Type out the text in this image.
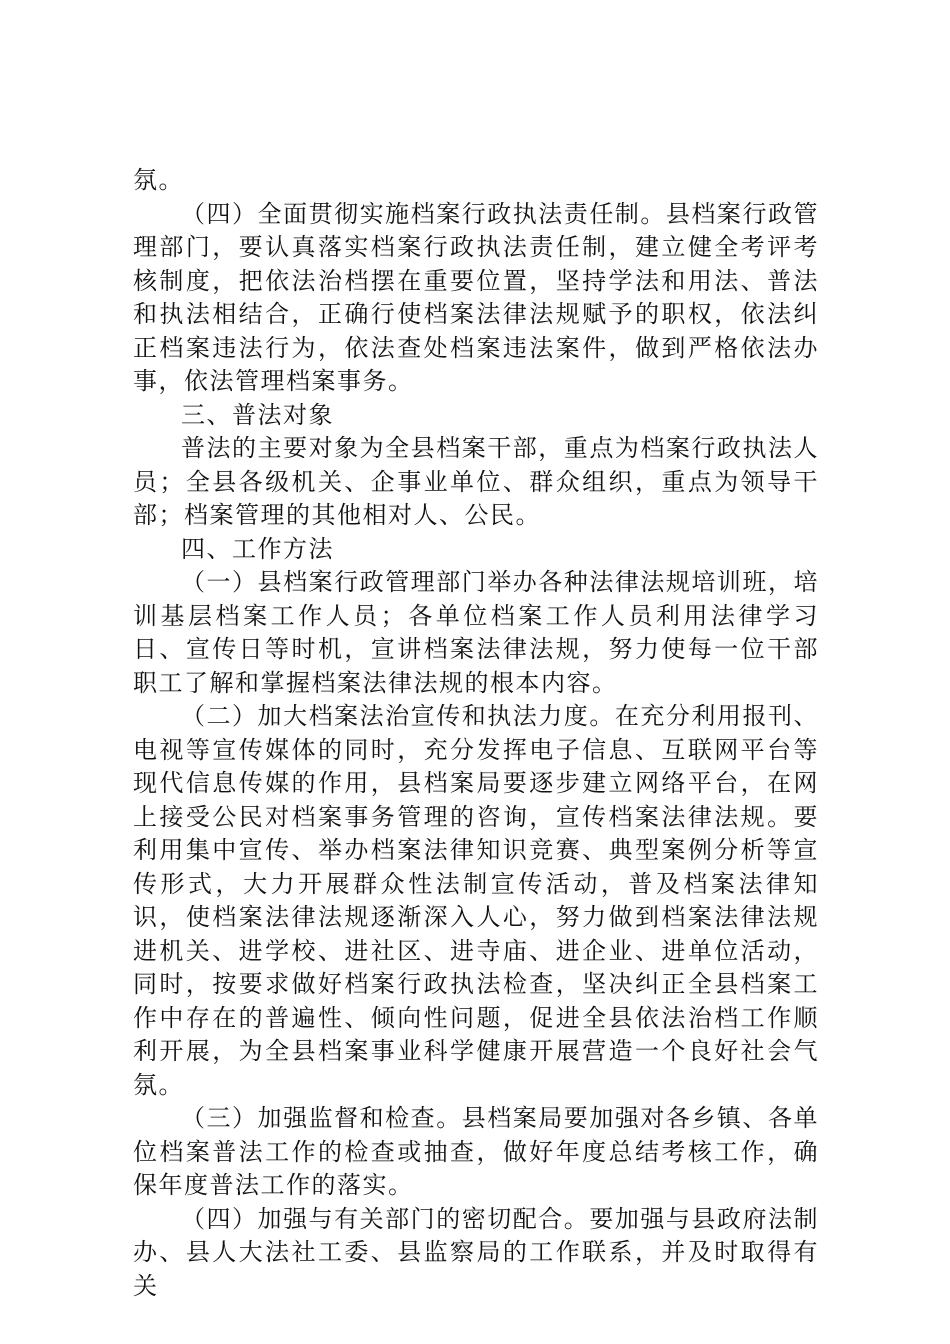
氛。

（四）全面贯彻实施档案行政执法责任制。县档案行政管理部门，要认真落实档案行政执法责任制，建立健全考评考核制度，把依法治档摆在重要位置，坚持学法和用法、普法和执法相结合，正确行使档案法律法规赋予的职权，依法纠正档案违法行为，依法查处档案违法案件，做到严格依法办事，依法管理档案事务。

三、普法对象

普法的主要对象为全县档案干部，重点为档案行政执法人员；全县各级机关、企事业单位、群众组织，重点为领导干部；档案管理的其他相对人、公民。

四、工作方法

（一）县档案行政管理部门举办各种法律法规培训班，培训基层档案工作人员；各单位档案工作人员利用法律学习日、宣传日等时机，宣讲档案法律法规，努力使每一位干部职工了解和掌握档案法律法规的根本内容。

（二）加大档案法治宣传和执法力度。在充分利用报刊、电视等宣传媒体的同时，充分发挥电子信息、互联网平台等现代信息传媒的作用，县档案局要逐步建立网络平台，在网上接受公民对档案事务管理的咨询，宣传档案法律法规。要利用集中宣传、举办档案法律知识竞赛、典型案例分析等宣传形式，大力开展群众性法制宣传活动，普及档案法律知识，使档案法律法规逐渐深入人心，努力做到档案法律法规进机关、进学校、进社区、进寺庙、进企业、进单位活动，同时，按要求做好档案行政执法检查，坚决纠正全县档案工作中存在的普遍性、倾向性问题，促进全县依法治档工作顺利开展，为全县档案事业科学健康开展营造一个良好社会气氛。

（三）加强监督和检查。县档案局要加强对各乡镇、各单位档案普法工作的检查或抽查，做好年度总结考核工作，确保年度普法工作的落实。

（四）加强与有关部门的密切配合。要加强与县政府法制办、县人大法社工委、县监察局的工作联系，并及时取得有关
